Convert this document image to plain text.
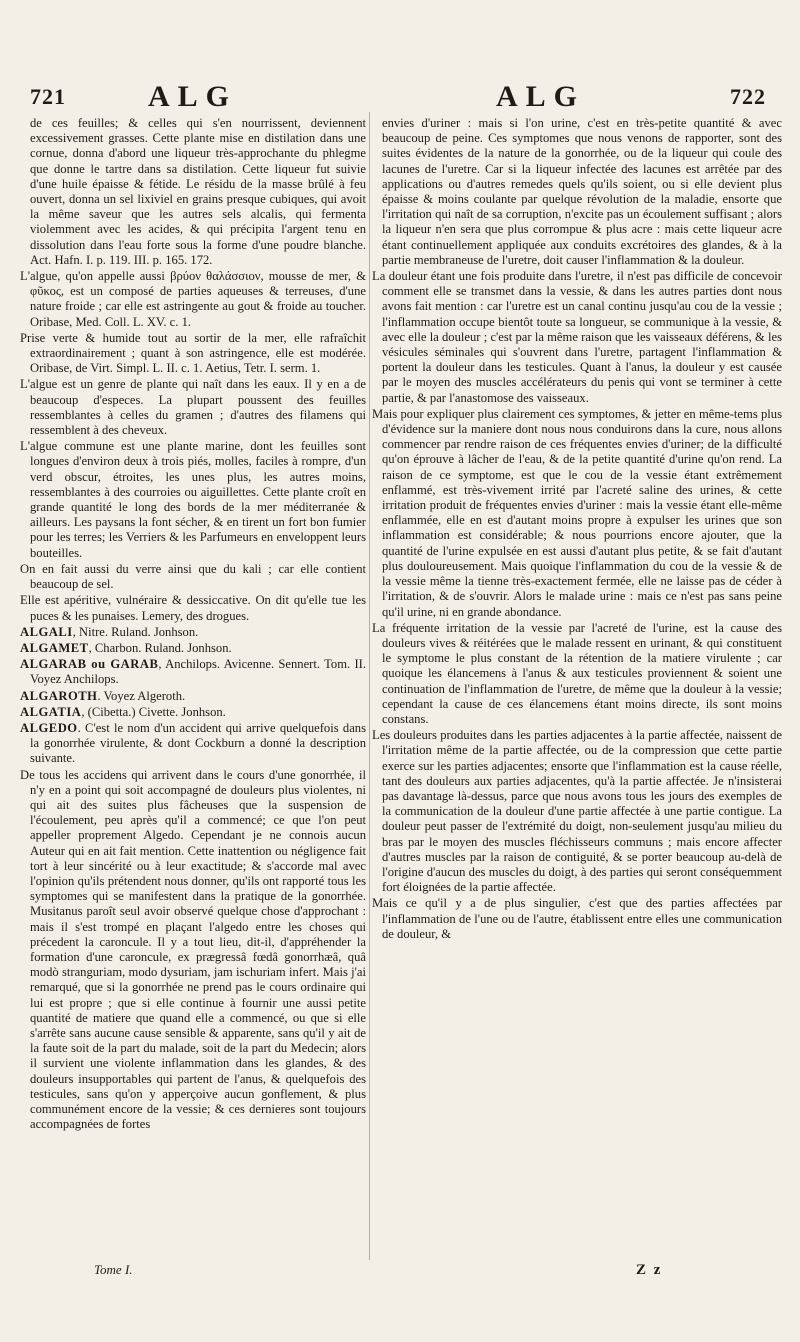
721	ALG	ALG	722

de ces feuilles; & celles qui s'en nourrissent, deviennent excessivement grasses. Cette plante mise en distilation dans une cornue, donna d'abord une liqueur très-approchante du phlegme que donne le tartre dans sa distilation. Cette liqueur fut suivie d'une huile épaisse & fétide. Le résidu de la masse brûlé à feu ouvert, donna un sel lixiviel en grains presque cubiques, qui avoit la même saveur que les autres sels alcalis, qui fermenta violemment avec les acides, & qui précipita l'argent tenu en dissolution dans l'eau forte sous la forme d'une poudre blanche. Act. Hafn. I. p. 119. III. p. 165. 172.

L'algue, qu'on appelle aussi βρύον θαλάσσιον, mousse de mer, & φῦκος, est un composé de parties aqueuses & terreuses, d'une nature froide ; car elle est astringente au gout & froide au toucher. Oribase, Med. Coll. L. XV. c. 1.

Prise verte & humide tout au sortir de la mer, elle rafraîchit extraordinairement ; quant à son astringence, elle est modérée. Oribase, de Virt. Simpl. L. II. c. 1. Aetius, Tetr. I. serm. 1.

L'algue est un genre de plante qui naît dans les eaux. Il y en a de beaucoup d'especes. La plupart poussent des feuilles ressemblantes à celles du gramen ; d'autres des filamens qui ressemblent à des cheveux.

L'algue commune est une plante marine, dont les feuilles sont longues d'environ deux à trois piés, molles, faciles à rompre, d'un verd obscur, étroites, les unes plus, les autres moins, ressemblantes à des courroies ou aiguillettes. Cette plante croît en grande quantité le long des bords de la mer méditerranée & ailleurs. Les paysans la font sécher, & en tirent un fort bon fumier pour les terres; les Verriers & les Parfumeurs en enveloppent leurs bouteilles.

On en fait aussi du verre ainsi que du kali ; car elle contient beaucoup de sel.

Elle est apéritive, vulnéraire & dessiccative. On dit qu'elle tue les puces & les punaises. Lemery, des drogues.

ALGALI, Nitre. Ruland. Jonhson.

ALGAMET, Charbon. Ruland. Jonhson.

ALGARAB ou GARAB, Anchilops. Avicenne. Sennert. Tom. II. Voyez Anchilops.

ALGAROTH. Voyez Algeroth.

ALGATIA, (Cibetta.) Civette. Jonhson.

ALGEDO. C'est le nom d'un accident qui arrive quelquefois dans la gonorrhée virulente, & dont Cockburn a donné la description suivante.

De tous les accidens qui arrivent dans le cours d'une gonorrhée, il n'y en a point qui soit accompagné de douleurs plus violentes, ni qui ait des suites plus fâcheuses que la suspension de l'écoulement, peu après qu'il a commencé; ce que l'on peut appeller proprement Algedo. Cependant je ne connois aucun Auteur qui en ait fait mention. Cette inattention ou négligence fait tort à leur sincérité ou à leur exactitude; & s'accorde mal avec l'opinion qu'ils prétendent nous donner, qu'ils ont rapporté tous les symptomes qui se manifestent dans la pratique de la gonorrhée. Musitanus paroît seul avoir observé quelque chose d'approchant : mais il s'est trompé en plaçant l'algedo entre les choses qui précedent la caroncule. Il y a tout lieu, dit-il, d'appréhender la formation d'une caroncule, ex prægressâ fœdâ gonorrhæâ, quâ modò stranguriam, modo dysuriam, jam ischuriam infert. Mais j'ai remarqué, que si la gonorrhée ne prend pas le cours ordinaire qui lui est propre ; que si elle continue à fournir une aussi petite quantité de matiere que quand elle a commencé, ou que si elle s'arrête sans aucune cause sensible & apparente, sans qu'il y ait de la faute soit de la part du malade, soit de la part du Medecin; alors il survient une violente inflammation dans les glandes, & des douleurs insupportables qui partent de l'anus, & quelquefois des testicules, sans qu'on y apperçoive aucun gonflement, & plus communément encore de la vessie; & ces dernieres sont toujours accompagnées de fortes

envies d'uriner : mais si l'on urine, c'est en très-petite quantité & avec beaucoup de peine. Ces symptomes que nous venons de rapporter, sont des suites évidentes de la nature de la gonorrhée, ou de la liqueur qui coule des lacunes de l'uretre. Car si la liqueur infectée des lacunes est arrêtée par des applications ou d'autres remedes quels qu'ils soient, ou si elle devient plus épaisse & moins coulante par quelque révolution de la maladie, ensorte que l'irritation qui naît de sa corruption, n'excite pas un écoulement suffisant ; alors la liqueur n'en sera que plus corrompue & plus acre : mais cette liqueur acre étant continuellement appliquée aux conduits excrétoires des glandes, & à la partie membraneuse de l'uretre, doit causer l'inflammation & la douleur.

La douleur étant une fois produite dans l'uretre, il n'est pas difficile de concevoir comment elle se transmet dans la vessie, & dans les autres parties dont nous avons fait mention : car l'uretre est un canal continu jusqu'au cou de la vessie ; l'inflammation occupe bientôt toute sa longueur, se communique à la vessie, & avec elle la douleur ; c'est par la même raison que les vaisseaux déférens, & les vésicules séminales qui s'ouvrent dans l'uretre, partagent l'inflammation & portent la douleur dans les testicules. Quant à l'anus, la douleur y est causée par le moyen des muscles accélérateurs du penis qui vont se terminer à cette partie, & par l'anastomose des vaisseaux.

Mais pour expliquer plus clairement ces symptomes, & jetter en même-tems plus d'évidence sur la maniere dont nous nous conduirons dans la cure, nous allons commencer par rendre raison de ces fréquentes envies d'uriner; de la difficulté qu'on éprouve à lâcher de l'eau, & de la petite quantité d'urine qu'on rend. La raison de ce symptome, est que le cou de la vessie étant extrêmement enflammé, est très-vivement irrité par l'acreté saline des urines, & cette irritation produit de fréquentes envies d'uriner : mais la vessie étant elle-même enflammée, elle en est d'autant moins propre à expulser les urines que son inflammation est considérable; & nous pourrions encore ajouter, que la quantité de l'urine expulsée en est aussi d'autant plus petite, & se fait d'autant plus douloureusement. Mais quoique l'inflammation du cou de la vessie & de la vessie même la tienne très-exactement fermée, elle ne laisse pas de céder à l'irritation, & de s'ouvrir. Alors le malade urine : mais ce n'est pas sans peine qu'il urine, ni en grande abondance.

La fréquente irritation de la vessie par l'acreté de l'urine, est la cause des douleurs vives & réitérées que le malade ressent en urinant, & qui constituent le symptome le plus constant de la rétention de la matiere virulente ; car quoique les élancemens à l'anus & aux testicules proviennent & soient une continuation de l'inflammation de l'uretre, de même que la douleur à la vessie; cependant la cause de ces élancemens étant moins directe, ils sont moins constans.

Les douleurs produites dans les parties adjacentes à la partie affectée, naissent de l'irritation même de la partie affectée, ou de la compression que cette partie exerce sur les parties adjacentes; ensorte que l'inflammation est la cause réelle, tant des douleurs aux parties adjacentes, qu'à la partie affectée. Je n'insisterai pas davantage là-dessus, parce que nous avons tous les jours des exemples de la communication de la douleur d'une partie affectée à une partie contigue. La douleur peut passer de l'extrémité du doigt, non-seulement jusqu'au milieu du bras par le moyen des muscles fléchisseurs communs ; mais encore affecter d'autres muscles par la raison de contiguité, & se porter beaucoup au-delà de l'origine d'aucun des muscles du doigt, à des parties qui seront conséquemment fort éloignées de la partie affectée.

Mais ce qu'il y a de plus singulier, c'est que des parties affectées par l'inflammation de l'une ou de l'autre, établissent entre elles une communication de douleur, &

Tome I.	Z z
